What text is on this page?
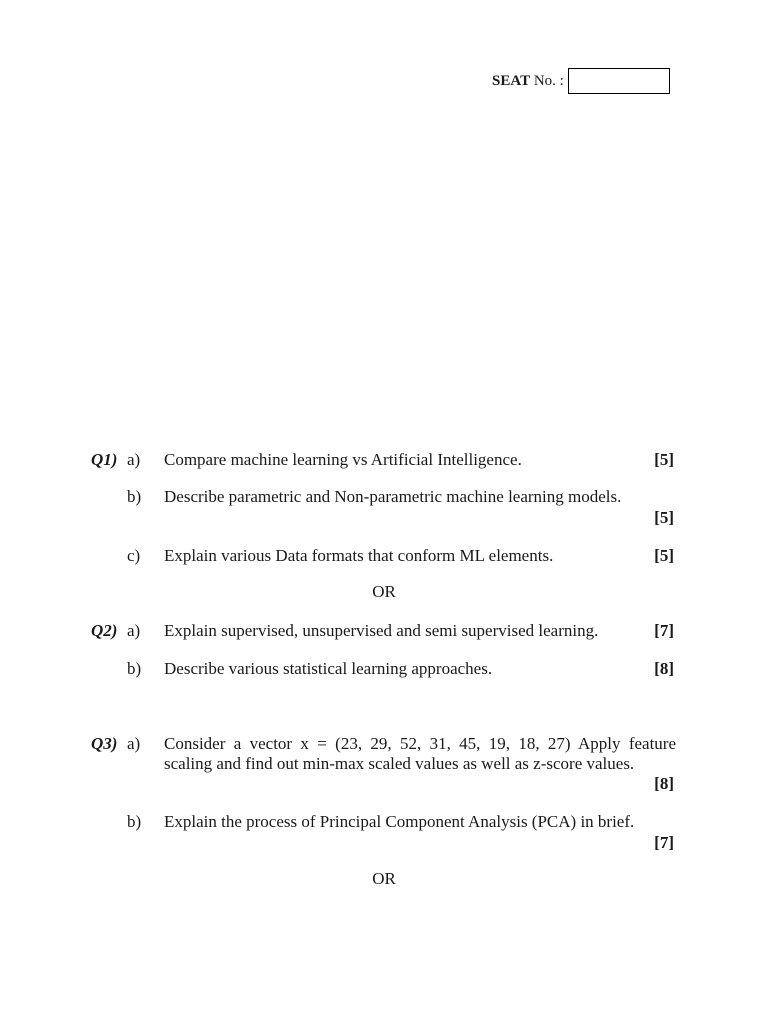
SEAT No. :
Q1) a) Compare machine learning vs Artificial Intelligence.	[5]
b) Describe parametric and Non-parametric machine learning models.
[5]
c) Explain various Data formats that conform ML elements.	[5]
OR
Q2) a) Explain supervised, unsupervised and semi supervised learning.	[7]
b) Describe various statistical learning approaches.	[8]
Q3) a) Consider a vector x = (23, 29, 52, 31, 45, 19, 18, 27) Apply feature
scaling and find out min-max scaled values as well as z-score values.
[8]
b) Explain the process of Principal Component Analysis (PCA) in brief.
[7]
OR
